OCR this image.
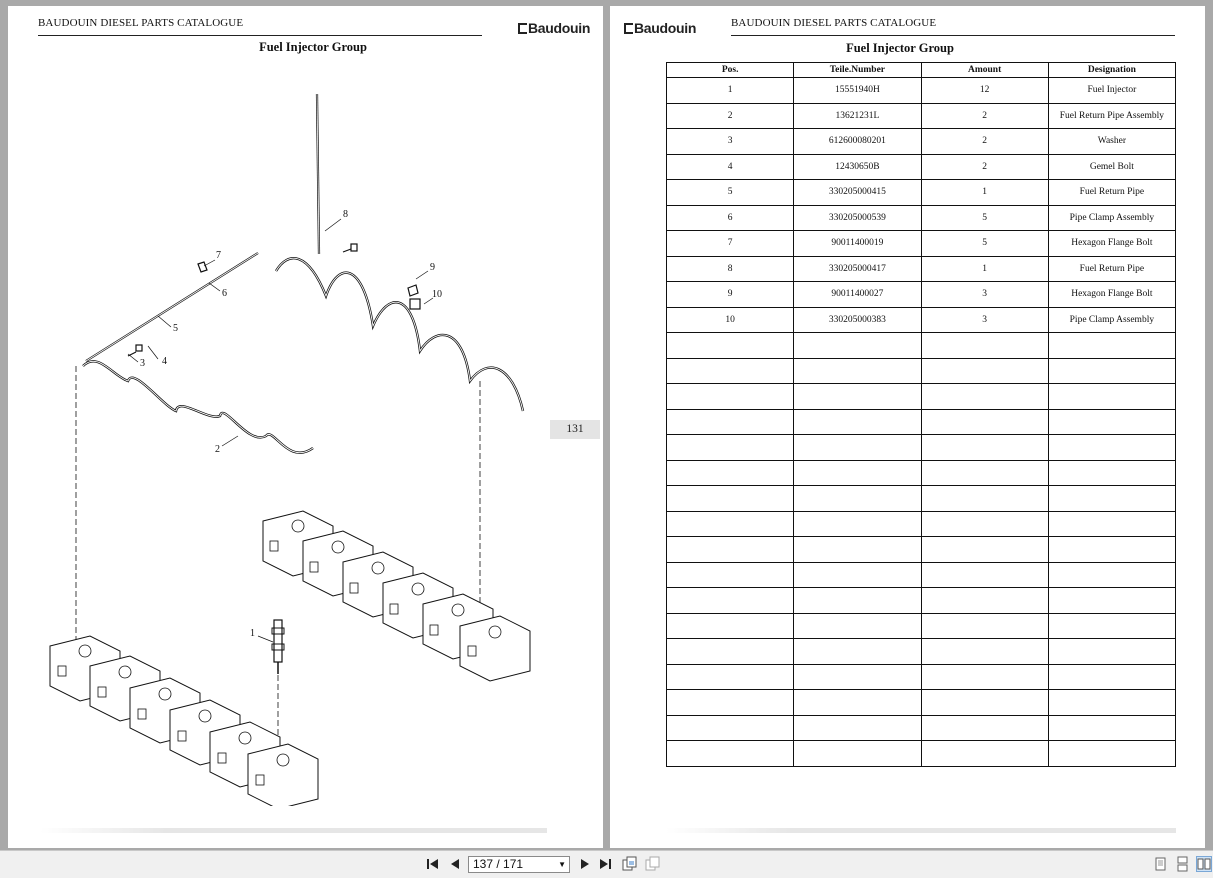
BAUDOUIN DIESEL PARTS CATALOGUE	Baudouin
Fuel Injector Group
1
2
3 4
5
6
7
8
9
10
131
Baudouin	BAUDOUIN DIESEL PARTS CATALOGUE
Fuel Injector Group
Pos.	Teile.Number	Amount	Designation
1	15551940H	12	Fuel Injector
2	13621231L	2	Fuel Return Pipe Assembly
3	612600080201	2	Washer
4	12430650B	2	Gemel Bolt
5	330205000415	1	Fuel Return Pipe
6	330205000539	5	Pipe Clamp Assembly
7	90011400019	5	Hexagon Flange Bolt
8	330205000417	1	Fuel Return Pipe
9	90011400027	3	Hexagon Flange Bolt
10	330205000383	3	Pipe Clamp Assembly

137 / 171	▼
